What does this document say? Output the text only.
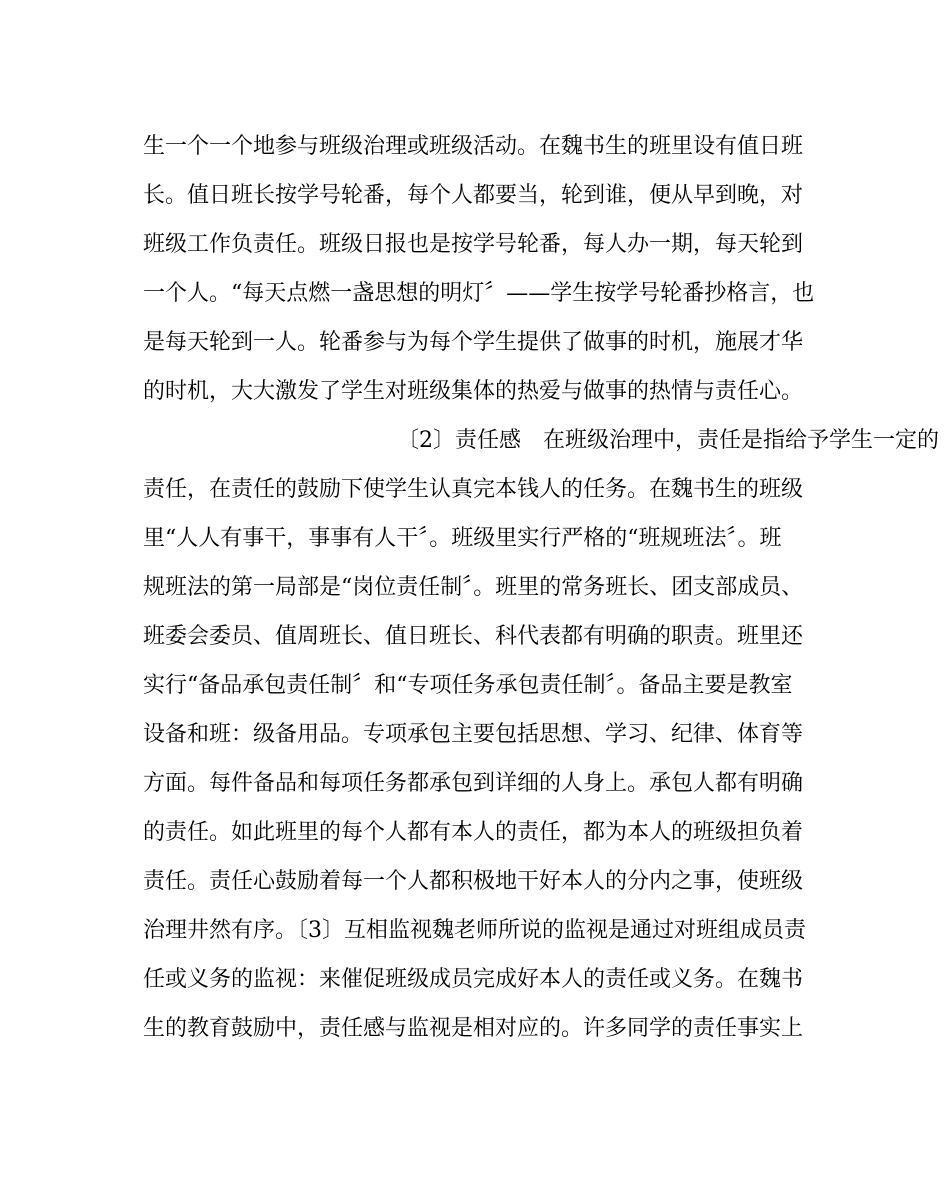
生一个一个地参与班级治理或班级活动。在魏书生的班里设有值日班
长。值日班长按学号轮番，每个人都要当，轮到谁，便从早到晚，对
班级工作负责任。班级日报也是按学号轮番，每人办一期，每天轮到
一个人。“每天点燃一盏思想的明灯〞——学生按学号轮番抄格言，也
是每天轮到一人。轮番参与为每个学生提供了做事的时机，施展才华
的时机，大大激发了学生对班级集体的热爱与做事的热情与责任心。
〔2〕责任感　在班级治理中，责任是指给予学生一定的
责任，在责任的鼓励下使学生认真完本钱人的任务。在魏书生的班级
里“人人有事干，事事有人干〞。班级里实行严格的“班规班法〞。班
规班法的第一局部是“岗位责任制〞。班里的常务班长、团支部成员、
班委会委员、值周班长、值日班长、科代表都有明确的职责。班里还
实行“备品承包责任制〞和“专项任务承包责任制〞。备品主要是教室
设备和班：级备用品。专项承包主要包括思想、学习、纪律、体育等
方面。每件备品和每项任务都承包到详细的人身上。承包人都有明确
的责任。如此班里的每个人都有本人的责任，都为本人的班级担负着
责任。责任心鼓励着每一个人都积极地干好本人的分内之事，使班级
治理井然有序。〔3〕互相监视魏老师所说的监视是通过对班组成员责
任或义务的监视：来催促班级成员完成好本人的责任或义务。在魏书
生的教育鼓励中，责任感与监视是相对应的。许多同学的责任事实上
